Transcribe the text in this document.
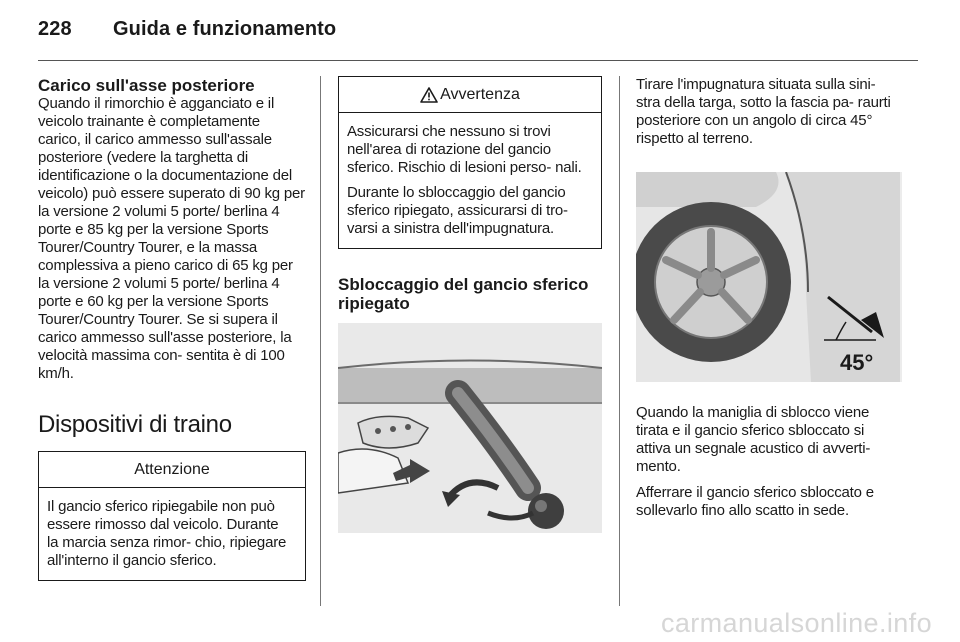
228 Guida e funzionamento
Carico sull'asse posteriore

Quando il rimorchio è agganciato e il veicolo trainante è completamente carico, il carico ammesso sull'assale posteriore (vedere la targhetta di identificazione o la documentazione del veicolo) può essere superato di 90 kg per la versione 2 volumi 5 porte/ berlina 4 porte e 85 kg per la versione Sports Tourer/Country Tourer, e la massa complessiva a pieno carico di 65 kg per la versione 2 volumi 5 porte/ berlina 4 porte e 60 kg per la versione Sports Tourer/Country Tourer. Se si supera il carico ammesso sull'asse posteriore, la velocità massima con- sentita è di 100 km/h.

Dispositivi di traino
Attenzione

Il gancio sferico ripiegabile non può essere rimosso dal veicolo. Durante la marcia senza rimor- chio, ripiegare all'interno il gancio sferico.

Avvertenza

Assicurarsi che nessuno si trovi nell'area di rotazione del gancio sferico. Rischio di lesioni perso- nali.

Durante lo sbloccaggio del gancio sferico ripiegato, assicurarsi di tro- varsi a sinistra dell'impugnatura.

Sbloccaggio del gancio sferico ripiegato

Tirare l'impugnatura situata sulla sini- stra della targa, sotto la fascia pa- raurti posteriore con un angolo di circa 45° rispetto al terreno.

45°

Quando la maniglia di sblocco viene tirata e il gancio sferico sbloccato si attiva un segnale acustico di avverti- mento.

Afferrare il gancio sferico sbloccato e sollevarlo fino allo scatto in sede.

carmanualsonline.info
